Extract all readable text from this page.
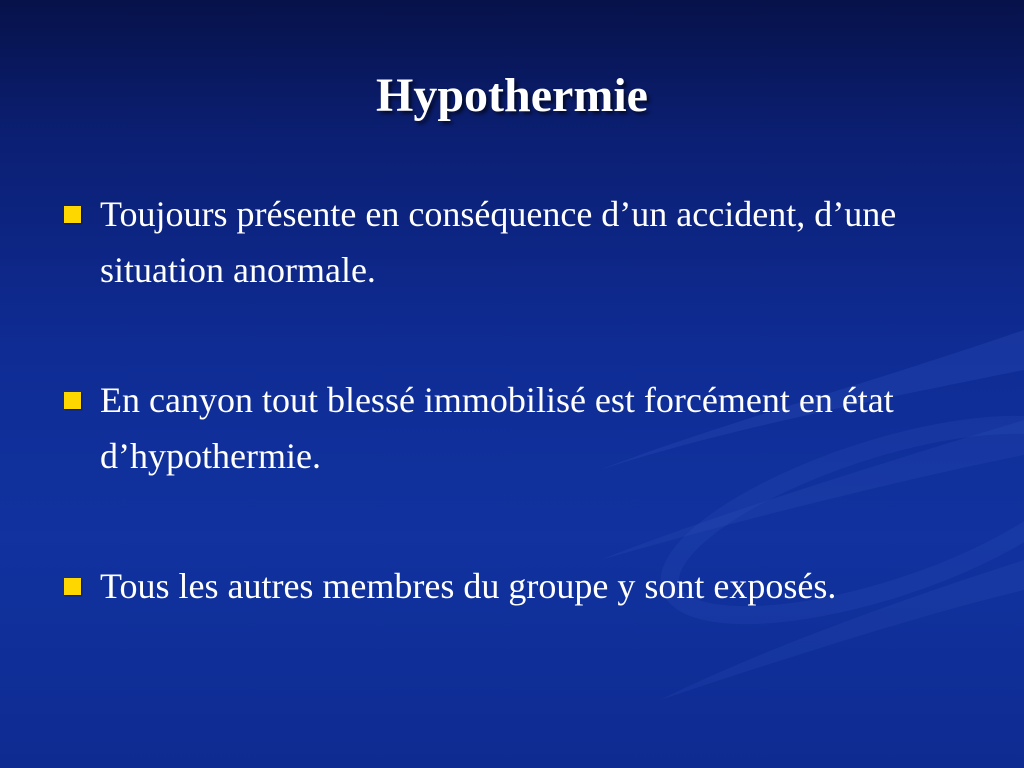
Hypothermie
Toujours présente en conséquence d’un accident, d’une situation anormale.
En canyon tout blessé immobilisé est forcément en état d’hypothermie.
Tous les autres membres du groupe y sont exposés.
